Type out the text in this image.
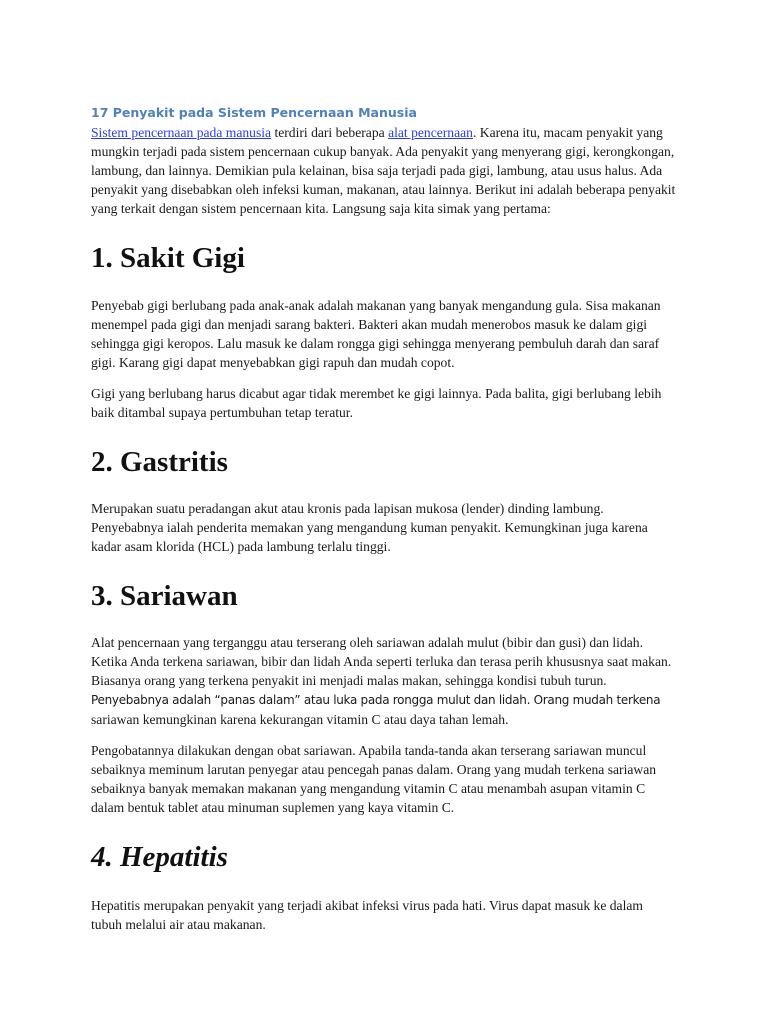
17 Penyakit pada Sistem Pencernaan Manusia

Sistem pencernaan pada manusia terdiri dari beberapa alat pencernaan. Karena itu, macam penyakit yang mungkin terjadi pada sistem pencernaan cukup banyak. Ada penyakit yang menyerang gigi, kerongkongan, lambung, dan lainnya. Demikian pula kelainan, bisa saja terjadi pada gigi, lambung, atau usus halus. Ada penyakit yang disebabkan oleh infeksi kuman, makanan, atau lainnya. Berikut ini adalah beberapa penyakit yang terkait dengan sistem pencernaan kita. Langsung saja kita simak yang pertama:

1. Sakit Gigi

Penyebab gigi berlubang pada anak-anak adalah makanan yang banyak mengandung gula. Sisa makanan menempel pada gigi dan menjadi sarang bakteri. Bakteri akan mudah menerobos masuk ke dalam gigi sehingga gigi keropos. Lalu masuk ke dalam rongga gigi sehingga menyerang pembuluh darah dan saraf gigi. Karang gigi dapat menyebabkan gigi rapuh dan mudah copot.

Gigi yang berlubang harus dicabut agar tidak merembet ke gigi lainnya. Pada balita, gigi berlubang lebih baik ditambal supaya pertumbuhan tetap teratur.

2. Gastritis

Merupakan suatu peradangan akut atau kronis pada lapisan mukosa (lender) dinding lambung. Penyebabnya ialah penderita memakan yang mengandung kuman penyakit. Kemungkinan juga karena kadar asam klorida (HCL) pada lambung terlalu tinggi.

3. Sariawan

Alat pencernaan yang terganggu atau terserang oleh sariawan adalah mulut (bibir dan gusi) dan lidah. Ketika Anda terkena sariawan, bibir dan lidah Anda seperti terluka dan terasa perih khususnya saat makan. Biasanya orang yang terkena penyakit ini menjadi malas makan, sehingga kondisi tubuh turun. Penyebabnya adalah “panas dalam” atau luka pada rongga mulut dan lidah. Orang mudah terkena sariawan kemungkinan karena kekurangan vitamin C atau daya tahan lemah.

Pengobatannya dilakukan dengan obat sariawan. Apabila tanda-tanda akan terserang sariawan muncul sebaiknya meminum larutan penyegar atau pencegah panas dalam. Orang yang mudah terkena sariawan sebaiknya banyak memakan makanan yang mengandung vitamin C atau menambah asupan vitamin C dalam bentuk tablet atau minuman suplemen yang kaya vitamin C.

4. Hepatitis

Hepatitis merupakan penyakit yang terjadi akibat infeksi virus pada hati. Virus dapat masuk ke dalam tubuh melalui air atau makanan.
